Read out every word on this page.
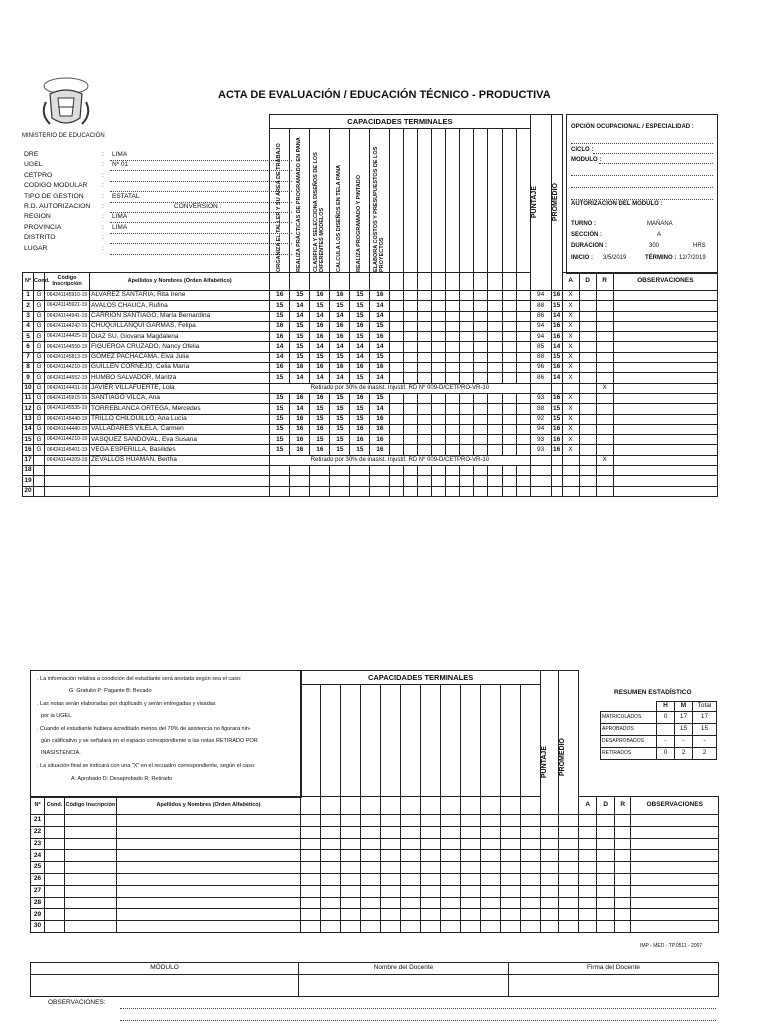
MINISTERIO DE EDUCACIÓN
ACTA DE EVALUACIÓN / EDUCACIÓN TÉCNICO - PRODUCTIVA
DRE	: LIMA
UGEL	: Nº 01
CETPRO	:
CODIGO MODULAR :
TIPO DE GESTION	: ESTATAL
R.D. AUTORIZACION :	CONVERSION :
REGION	: LIMA
PROVINCIA	: LIMA
DISTRITO	:
LUGAR	:
OPCIÓN OCUPACIONAL / ESPECIALIDAD :
CICLO :
MODULO :
AUTORIZACION DEL MODULO :
TURNO :	MAÑANA
SECCIÓN :	A
DURACION :	300	HRS
INICIO : 3/5/2019	TÉRMINO : 12/7/2019
				CAPACIDADES TERMINALES																PUNTAJE	PROMEDIO				

				ORGANIZA EL TALLER Y SU ÁREA DE TRABAJO	REALIZA PRÁCTICAS DE PROGRAMADO EN PANA	CLASIFICA Y SELECCIONA DISEÑOS DE LOS DIFERENTES MODELOS	CALCULA LOS DISEÑOS EN TELA PANA	REALIZA PROGRAMADO Y PINTADO	ELABORA COSTOS Y PRESUPUESTOS DE LOS PROYECTOS																

Nº	Cond.	Código Inscripción	Apellidos y Nombres (Orden Alfabético)																			A	D	R	OBSERVACIONES
1	G	064241145910-19	ALVAREZ SANTARIA, Rita Irene	16	15	16	16	15	16											94	16	X			
2	G	064241145921-19	AVALOS CHAUCA, Rufina	15	14	15	15	15	14											88	15	X			
3	G	064241144941-19	CARRION SANTIAGO, María Bernardina	15	14	14	14	15	14											86	14	X			
4	G	064241144242-19	CHUQUILLANQUI GARMAS, Felipa	16	15	16	16	16	15											94	16	X			
5	G	064241144425-19	DIAZ SU, Giovana Magdalena	16	15	16	16	15	16											94	16	X			
6	G	064241144550-19	FIGUEROA CRUZADO, Nancy Ofelia	14	15	14	14	14	14											85	14	X			
7	G	064241145813-19	GOMEZ PACHACAMA, Elva Julia	14	15	15	15	14	15											88	15	X			
8	G	064241144210-19	GUILLEN CORNEJO, Celia María	16	16	16	16	16	16											96	16	X			
9	G	064241144552-19	HUMBO SALVADOR, Maritza	15	14	14	14	15	14											86	14	X			
10	G	064241144431-19	JAVIER VILLAFUERTE, Lola	Retirado por 30% de inasist. Injustif. RD Nº 009-D/CETPRO-VR-10																				X	
11	G	064241145915-19	SANTIAGO VILCA, Ana	15	16	16	15	16	15											93	16	X			
12	G	064241145535-19	TORREBLANCA ORTEGA, Mercedes	15	14	15	15	15	14											88	15	X			
13	G	064241145440-19	TRILLO CHILOUILLO, Ana Lucía	15	16	15	15	15	16											92	15	X			
14	G	064241144440-19	VALLADARES VILELA, Carmen	15	16	16	15	16	16											94	16	X			
15	G	064241144210-19	VASQUEZ SANDOVAL, Eva Susana	15	16	15	15	16	16											93	16	X			
16	G	064241145401-19	VEGA ESPERILLA, Basilides	15	16	16	15	15	16											93	16	X			
17		064241144209-19	ZEVALLOS HUAMAN, Bertha	Retirado por 30% de inasist. Injustif. RD Nº 009-D/CETPRO-VR-10																				X	
18																									
19																									
20																									
. La información relativa a condición del estudiante será anotada según sea el caso:
G: Gratuito P: Pagante B: Becado
. Las notas serán elaboradas por duplicado y serán entregadas y visadas
por la UGEL
. Cuando el estudiante hubiera acreditado menos del 70% de asistencia no figurará nin-
gún calificativo y se señalará en el espacio correspondiente a las notas RETIRADO POR
INASISTENCIA.
. La situación final se indicará con una "X" en el recuadro correspondiente, según el caso:
A: Aprobado D: Desaprobado R: Retirado
RESUMEN ESTADÍSTICO
	H	M	Total
MATRICULADOS	0	17	17
APROBADOS		15	15
DESAPROBADOS	-	-	-
RETIRADOS	0	2	2
				CAPACIDADES TERMINALES												PUNTAJE	PROMEDIO				

Nº	Cond.	Código Inscripción	Apellidos y Nombres (Orden Alfabético)															A	D	R	OBSERVACIONES
21																					
22																					
23																					
24																					
25																					
26																					
27																					
28																					
29																					
30																					
IMP - MED - TP.0511 - 2007
MÓDULO	Nombre del Docente	Firma del Docente

OBSERVACIONES:
